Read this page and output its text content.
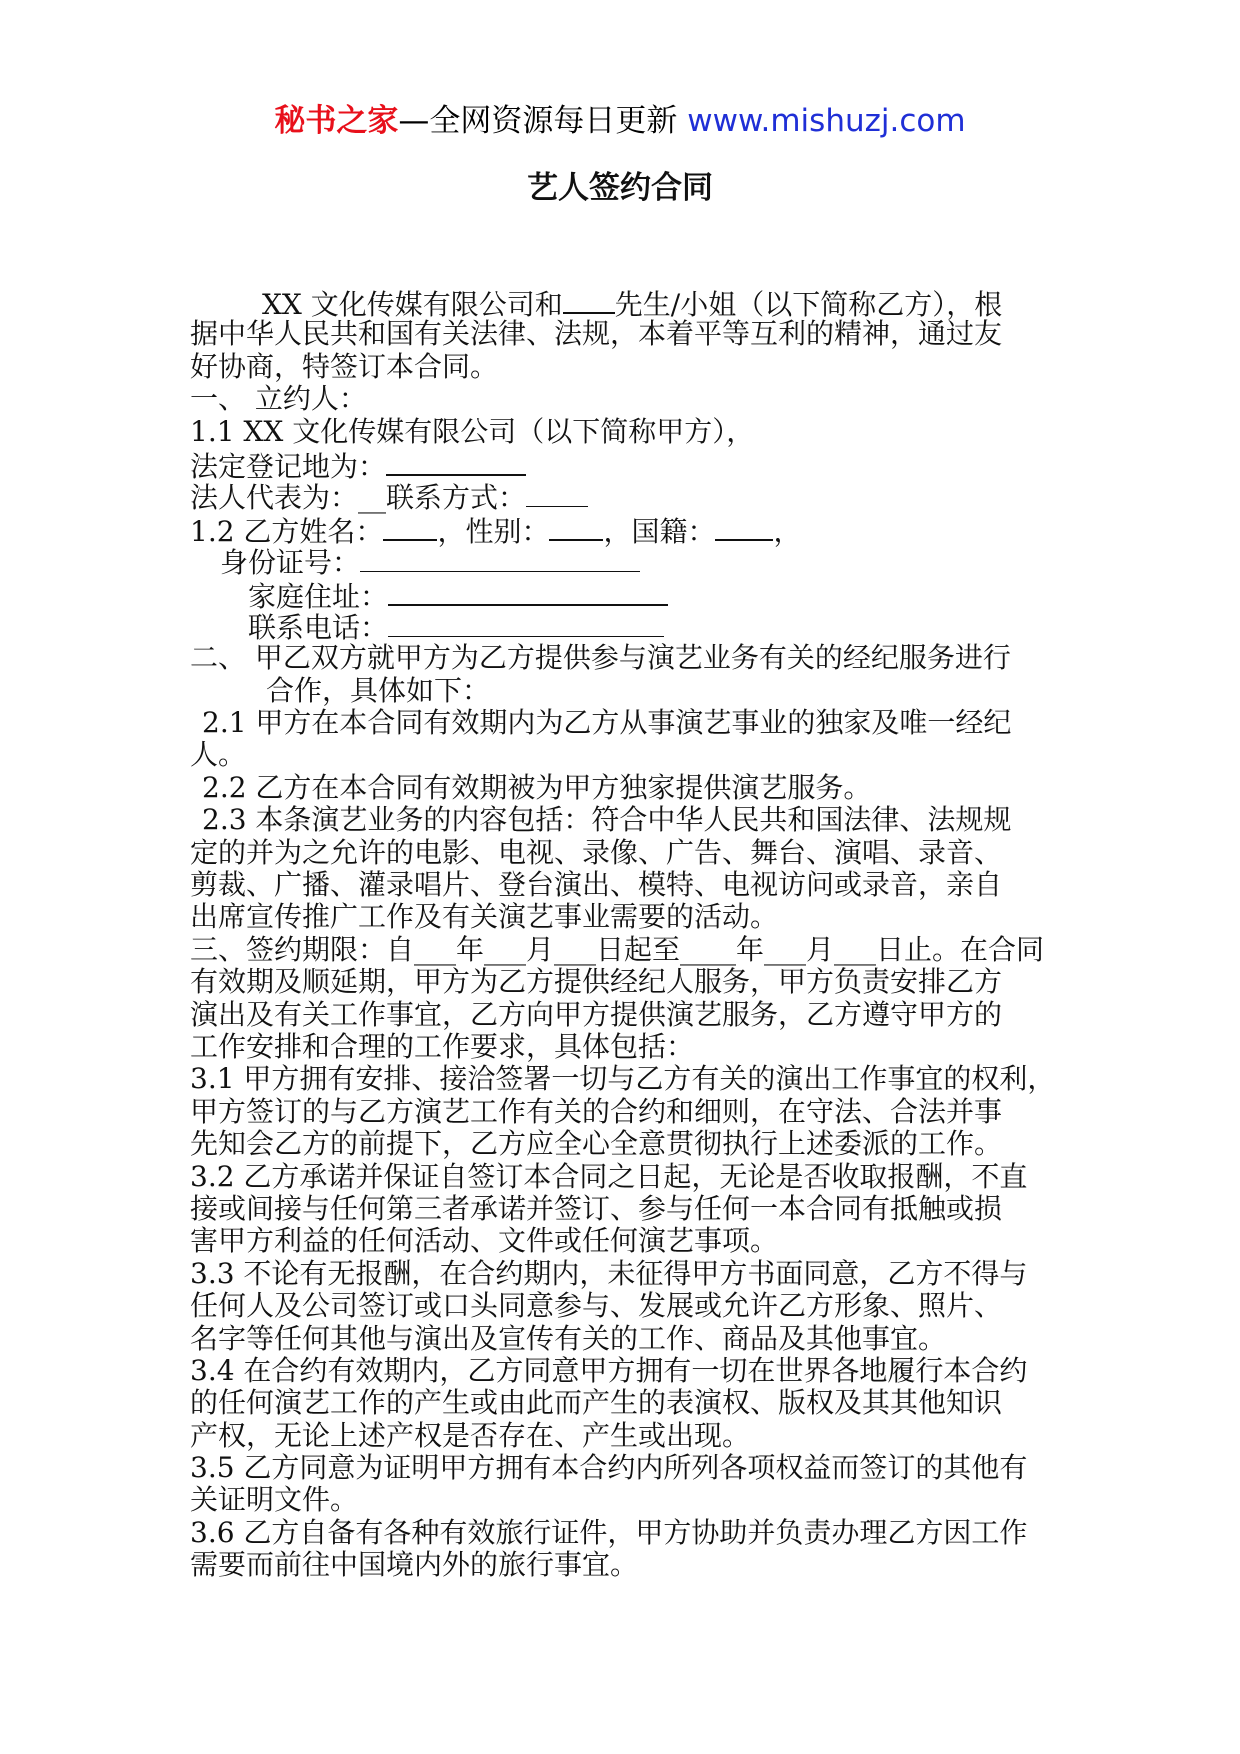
秘书之家—全网资源每日更新 www.mishuzj.com
艺人签约合同
XX 文化传媒有限公司和 先生/小姐（以下简称乙方），根
据中华人民共和国有关法律、法规，本着平等互利的精神，通过友
好协商，特签订本合同。
一、 立约人：
1.1 XX 文化传媒有限公司（以下简称甲方），
法定登记地为：
法人代表为：__联系方式：
1.2 乙方姓名： ，性别： ，国籍： ，
身份证号：
家庭住址：
联系电话：
二、 甲乙双方就甲方为乙方提供参与演艺业务有关的经纪服务进行
合作，具体如下：
2.1 甲方在本合同有效期内为乙方从事演艺事业的独家及唯一经纪
人。
2.2 乙方在本合同有效期被为甲方独家提供演艺服务。
2.3 本条演艺业务的内容包括：符合中华人民共和国法律、法规规
定的并为之允许的电影、电视、录像、广告、舞台、演唱、录音、
剪裁、广播、灌录唱片、登台演出、模特、电视访问或录音，亲自
出席宣传推广工作及有关演艺事业需要的活动。
三、签约期限：自___年___月___日起至____年___月___日止。在合同
有效期及顺延期，甲方为乙方提供经纪人服务，甲方负责安排乙方
演出及有关工作事宜，乙方向甲方提供演艺服务，乙方遵守甲方的
工作安排和合理的工作要求，具体包括：
3.1 甲方拥有安排、接洽签署一切与乙方有关的演出工作事宜的权利，
甲方签订的与乙方演艺工作有关的合约和细则，在守法、合法并事
先知会乙方的前提下，乙方应全心全意贯彻执行上述委派的工作。
3.2 乙方承诺并保证自签订本合同之日起，无论是否收取报酬，不直
接或间接与任何第三者承诺并签订、参与任何一本合同有抵触或损
害甲方利益的任何活动、文件或任何演艺事项。
3.3 不论有无报酬，在合约期内，未征得甲方书面同意，乙方不得与
任何人及公司签订或口头同意参与、发展或允许乙方形象、照片、
名字等任何其他与演出及宣传有关的工作、商品及其他事宜。
3.4 在合约有效期内，乙方同意甲方拥有一切在世界各地履行本合约
的任何演艺工作的产生或由此而产生的表演权、版权及其其他知识
产权，无论上述产权是否存在、产生或出现。
3.5 乙方同意为证明甲方拥有本合约内所列各项权益而签订的其他有
关证明文件。
3.6 乙方自备有各种有效旅行证件，甲方协助并负责办理乙方因工作
需要而前往中国境内外的旅行事宜。
